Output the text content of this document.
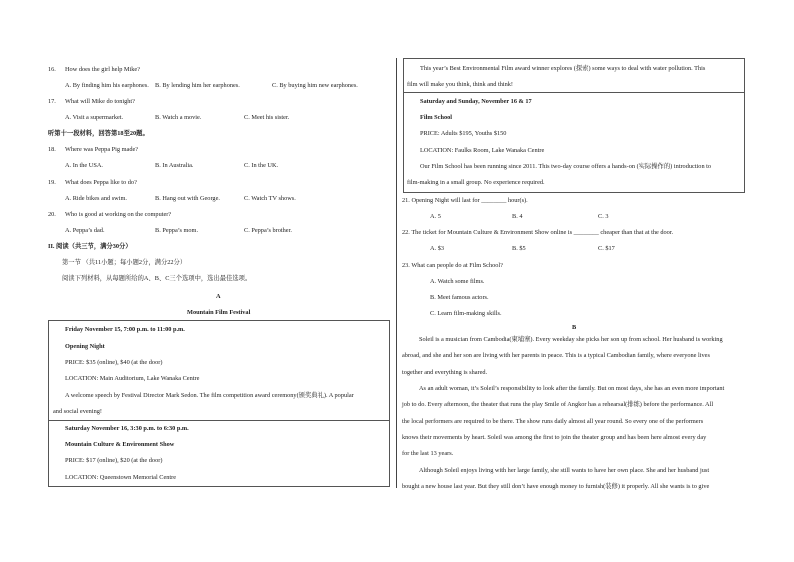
16. How does the girl help Mike?
A. By finding him his earphones. B. By lending him her earphones.	C. By buying him new earphones.
17. What will Mike do tonight?
A. Visit a supermarket.	B. Watch a movie.	C. Meet his sister.
听第十一段材料，回答第18至20题。
18. Where was Peppa Pig made?
A. In the USA.	B. In Australia.	C. In the UK.
19. What does Peppa like to do?
A. Ride bikes and swim.	B. Hang out with George.	C. Watch TV shows.
20. Who is good at working on the computer?
A. Peppa’s dad.	B. Peppa’s mom.	C. Peppa’s brother.
II. 阅读（共三节，满分30分）
第一节 （共11小题；每小题2分，满分22分）
阅读下列材料，从每题所给的A、B、C三个选项中，选出最佳选项。
A
Mountain Film Festival
Friday November 15, 7:00 p.m. to 11:00 p.m.
Opening Night
PRICE: $35 (online), $40 (at the door)
LOCATION: Main Auditorium, Lake Wanaka Centre
A welcome speech by Festival Director Mark Sedon. The film competition award ceremony(颁奖典礼). A popular
and social evening!
Saturday November 16, 3:30 p.m. to 6:30 p.m.
Mountain Culture & Environment Show
PRICE: $17 (online), $20 (at the door)
LOCATION: Queenstown Memorial Centre
This year’s Best Environmental Film award winner explores (探索) some ways to deal with water pollution. This
film will make you think, think and think!
Saturday and Sunday, November 16 & 17
Film School
PRICE: Adults $195, Youths $150
LOCATION: Faulks Room, Lake Wanaka Centre
Our Film School has been running since 2011. This two-day course offers a hands-on (实际操作的) introduction to
film-making in a small group. No experience required.
21. Opening Night will last for ________ hour(s).
A. 5	B. 4	C. 3
22. The ticket for Mountain Culture & Environment Show online is ________ cheaper than that at the door.
A. $3	B. $5	C. $17
23. What can people do at Film School?
A. Watch some films.
B. Meet famous actors.
C. Learn film-making skills.
B
Soleil is a musician from Cambodia(柬埔寨). Every weekday she picks her son up from school. Her husband is working
abroad, and she and her son are living with her parents in peace. This is a typical Cambodian family, where everyone lives
together and everything is shared.
As an adult woman, it’s Soleil’s responsibility to look after the family. But on most days, she has an even more important
job to do. Every afternoon, the theater that runs the play Smile of Angkor has a rehearsal(排练) before the performance. All
the local performers are required to be there. The show runs daily almost all year round. So every one of the performers
knows their movements by heart. Soleil was among the first to join the theater group and has been here almost every day
for the last 13 years.
Although Soleil enjoys living with her large family, she still wants to have her own place. She and her husband just
bought a new house last year. But they still don’t have enough money to furnish(装修) it properly. All she wants is to give
